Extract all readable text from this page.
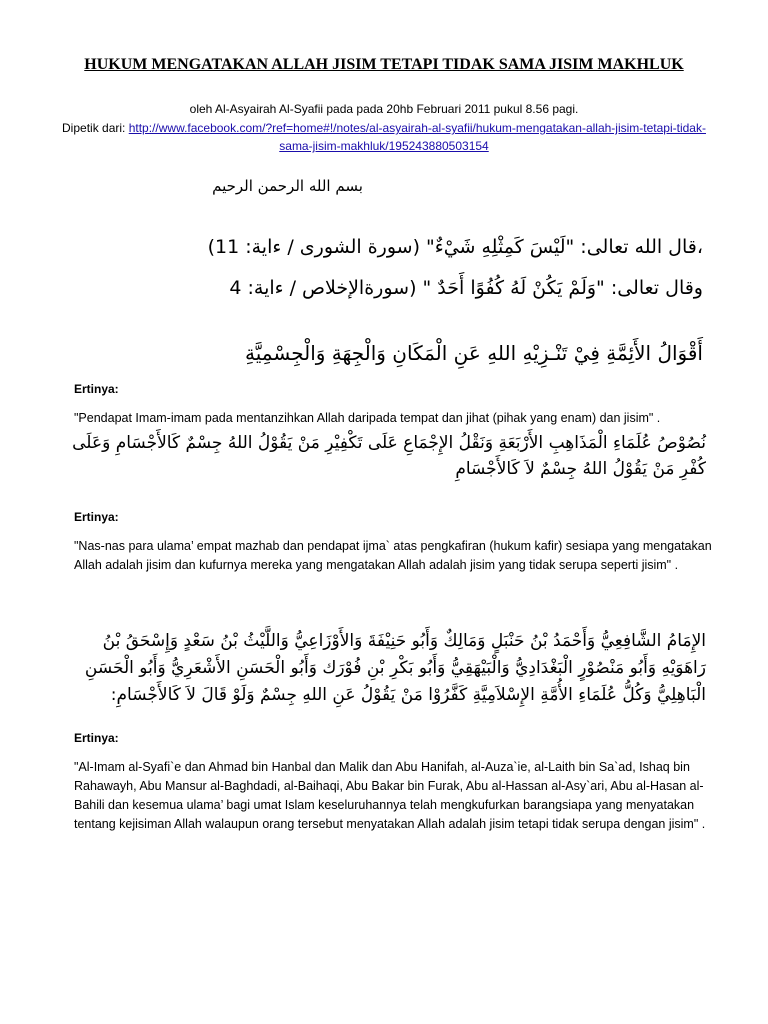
HUKUM MENGATAKAN ALLAH JISIM TETAPI TIDAK SAMA JISIM MAKHLUK
oleh Al-Asyairah Al-Syafii pada pada 20hb Februari 2011 pukul 8.56 pagi.
Dipetik dari: http://www.facebook.com/?ref=home#!/notes/al-asyairah-al-syafii/hukum-mengatakan-allah-jisim-tetapi-tidak-sama-jisim-makhluk/195243880503154
بسم الله الرحمن الرحيم
،قال الله تعالى: "لَيْسَ كَمِثْلِهِ شَيْءٌ" (سورة الشورى / ءاية: 11)
وقال تعالى: "وَلَمْ يَكُنْ لَهُ كُفُوًا أَحَدٌ " (سورةالإخلاص / ءاية: 4
أَقْوَالُ الأَئِمَّةِ فِيْ تَنْـزِيْهِ اللهِ عَنِ الْمَكَانِ وَالْجِهَةِ وَالْجِسْمِيَّةِ
Ertinya:
"Pendapat Imam-imam pada mentanzihkan Allah daripada tempat dan jihat (pihak yang enam) dan jisim" .
نُصُوْصُ عُلَمَاءِ الْمَذَاهِبِ الأَرْبَعَةِ وَنَقْلُ الإِجْمَاعِ عَلَى تَكْفِيْرِ مَنْ يَقُوْلُ اللهُ جِسْمٌ كَالأَجْسَامِ وَعَلَى كُفْرِ مَنْ يَقُوْلُ اللهُ جِسْمٌ لاَ كَالأَجْسَامِ
Ertinya:
"Nas-nas para ulama’ empat mazhab dan pendapat ijma` atas pengkafiran (hukum kafir) sesiapa yang mengatakan Allah adalah jisim dan kufurnya mereka yang mengatakan Allah adalah jisim yang tidak serupa seperti jisim" .
الإِمَامُ الشَّافِعِيُّ وَأَحْمَدُ بْنُ حَنْبَلٍ وَمَالِكٌ وَأَبُو حَنِيْفَةَ وَالأَوْزَاعِيُّ وَاللَّيْثُ بْنُ سَعْدٍ وَإِسْحَقُ بْنُ رَاهَوَيْهِ وَأَبُو مَنْصُوْرٍ الْبَغْدَادِيُّ وَالْبَيْهَقِيُّ وَأَبُو بَكْرِ بْنِ فُوْرَك وَأَبُو الْحَسَنِ الأَشْعَرِيُّ وَأَبُو الْحَسَنِ الْبَاهِلِيُّ وَكُلُّ عُلَمَاءِ الأُمَّةِ الإِسْلاَمِيَّةِ كَفَّرُوْا مَنْ يَقُوْلُ عَنِ اللهِ جِسْمٌ وَلَوْ قَالَ لاَ كَالأَجْسَامِ:
Ertinya:
"Al-Imam al-Syafi`e dan Ahmad bin Hanbal dan Malik dan Abu Hanifah, al-Auza`ie, al-Laith bin Sa`ad, Ishaq bin Rahawayh, Abu Mansur al-Baghdadi, al-Baihaqi, Abu Bakar bin Furak, Abu al-Hassan al-Asy`ari, Abu al-Hasan al-Bahili dan kesemua ulama’ bagi umat Islam keseluruhannya telah mengkufurkan barangsiapa yang menyatakan tentang kejisiman Allah walaupun orang tersebut menyatakan Allah adalah jisim tetapi tidak serupa dengan jisim" .
